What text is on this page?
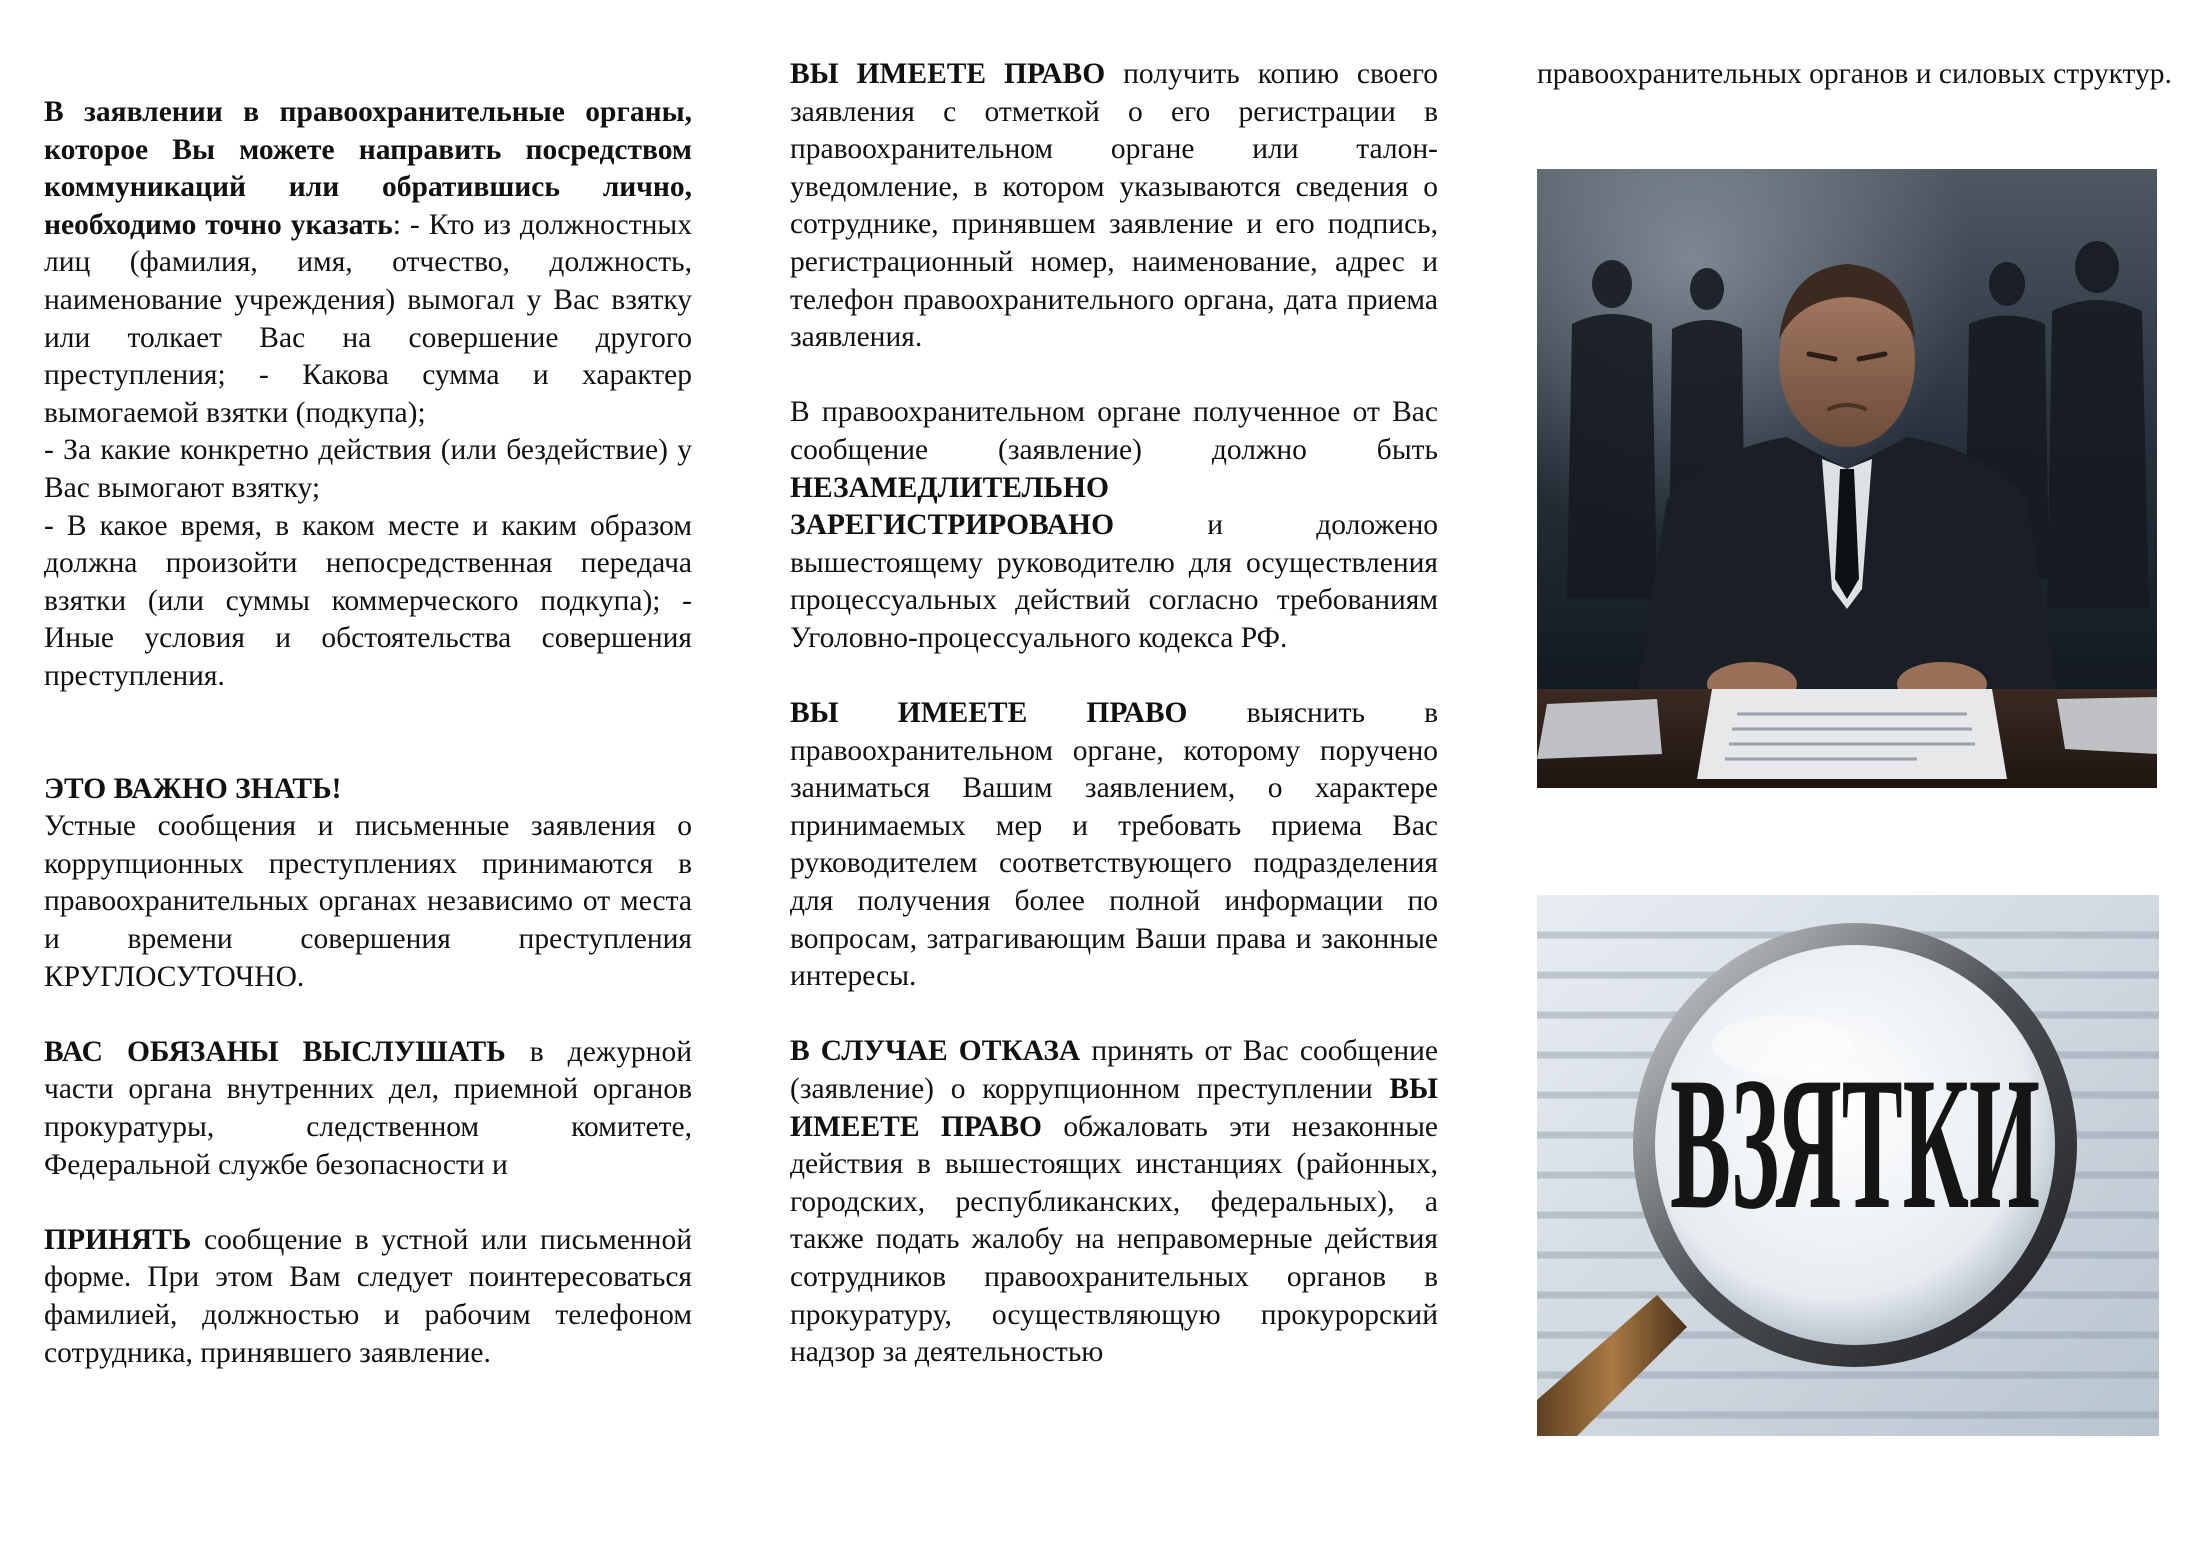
В заявлении в правоохранительные органы, которое Вы можете направить посредством коммуникаций или обратившись лично, необходимо точно указать: - Кто из должностных лиц (фамилия, имя, отчество, должность, наименование учреждения) вымогал у Вас взятку или толкает Вас на совершение другого преступления; - Какова сумма и характер вымогаемой взятки (подкупа);

- За какие конкретно действия (или бездействие) у Вас вымогают взятку;

- В какое время, в каком месте и каким образом должна произойти непосредственная передача взятки (или суммы коммерческого подкупа); - Иные условия и обстоятельства совершения преступления.

ЭТО ВАЖНО ЗНАТЬ!

Устные сообщения и письменные заявления о коррупционных преступлениях принимаются в правоохранительных органах независимо от места и времени совершения преступления КРУГЛОСУТОЧНО.

ВАС ОБЯЗАНЫ ВЫСЛУШАТЬ в дежурной части органа внутренних дел, приемной органов прокуратуры, следственном комитете, Федеральной службе безопасности и

ПРИНЯТЬ сообщение в устной или письменной форме. При этом Вам следует поинтересоваться фамилией, должностью и рабочим телефоном сотрудника, принявшего заявление.

ВЫ ИМЕЕТЕ ПРАВО получить копию своего заявления с отметкой о его регистрации в правоохранительном органе или талон-уведомление, в котором указываются сведения о сотруднике, принявшем заявление и его подпись, регистрационный номер, наименование, адрес и телефон правоохранительного органа, дата приема заявления.

В правоохранительном органе полученное от Вас сообщение (заявление) должно быть НЕЗАМЕДЛИТЕЛЬНО ЗАРЕГИСТРИРОВАНО и доложено вышестоящему руководителю для осуществления процессуальных действий согласно требованиям Уголовно-процессуального кодекса РФ.

ВЫ ИМЕЕТЕ ПРАВО выяснить в правоохранительном органе, которому поручено заниматься Вашим заявлением, о характере принимаемых мер и требовать приема Вас руководителем соответствующего подразделения для получения более полной информации по вопросам, затрагивающим Ваши права и законные интересы.

В СЛУЧАЕ ОТКАЗА принять от Вас сообщение (заявление) о коррупционном преступлении ВЫ ИМЕЕТЕ ПРАВО обжаловать эти незаконные действия в вышестоящих инстанциях (районных, городских, республиканских, федеральных), а также подать жалобу на неправомерные действия сотрудников правоохранительных органов в прокуратуру, осуществляющую прокурорский надзор за деятельностью

правоохранительных органов и силовых структур.

ВЗЯТКИ
